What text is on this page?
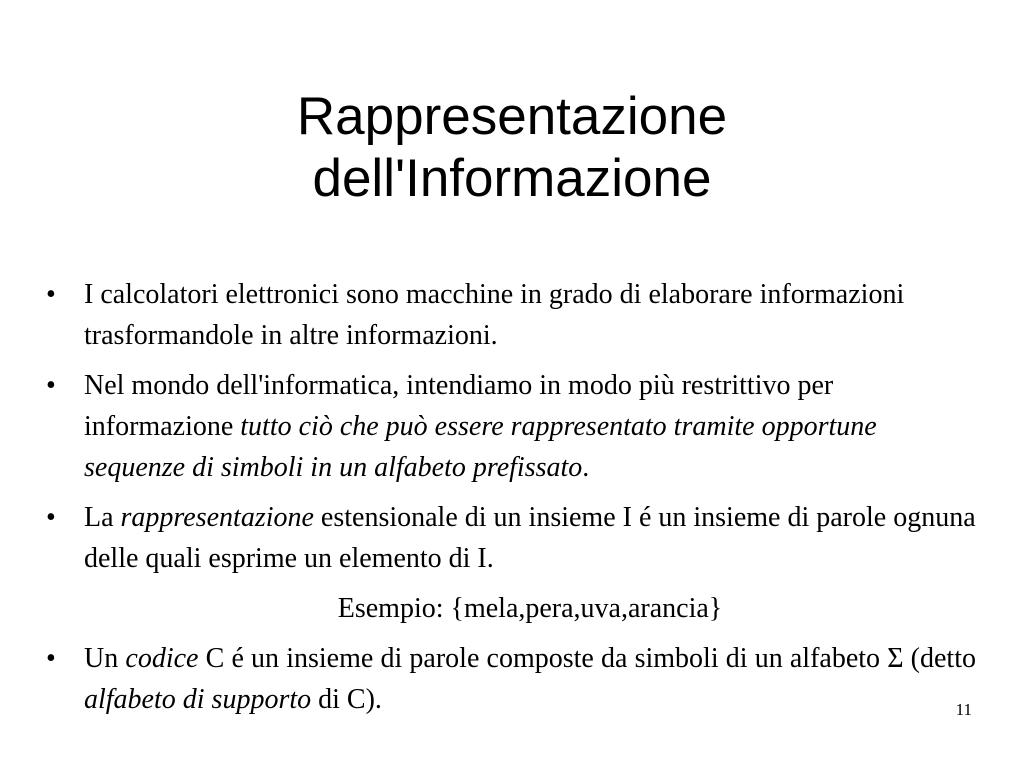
Rappresentazione
dell'Informazione
• I calcolatori elettronici sono macchine in grado di elaborare informazioni trasformandole in altre informazioni.
• Nel mondo dell'informatica, intendiamo in modo più restrittivo per informazione tutto ciò che può essere rappresentato tramite opportune sequenze di simboli in un alfabeto prefissato.
• La rappresentazione estensionale di un insieme I é un insieme di parole ognuna delle quali esprime un elemento di I.
Esempio: {mela,pera,uva,arancia}
• Un codice C é un insieme di parole composte da simboli di un alfabeto Σ (detto alfabeto di supporto di C).	11
